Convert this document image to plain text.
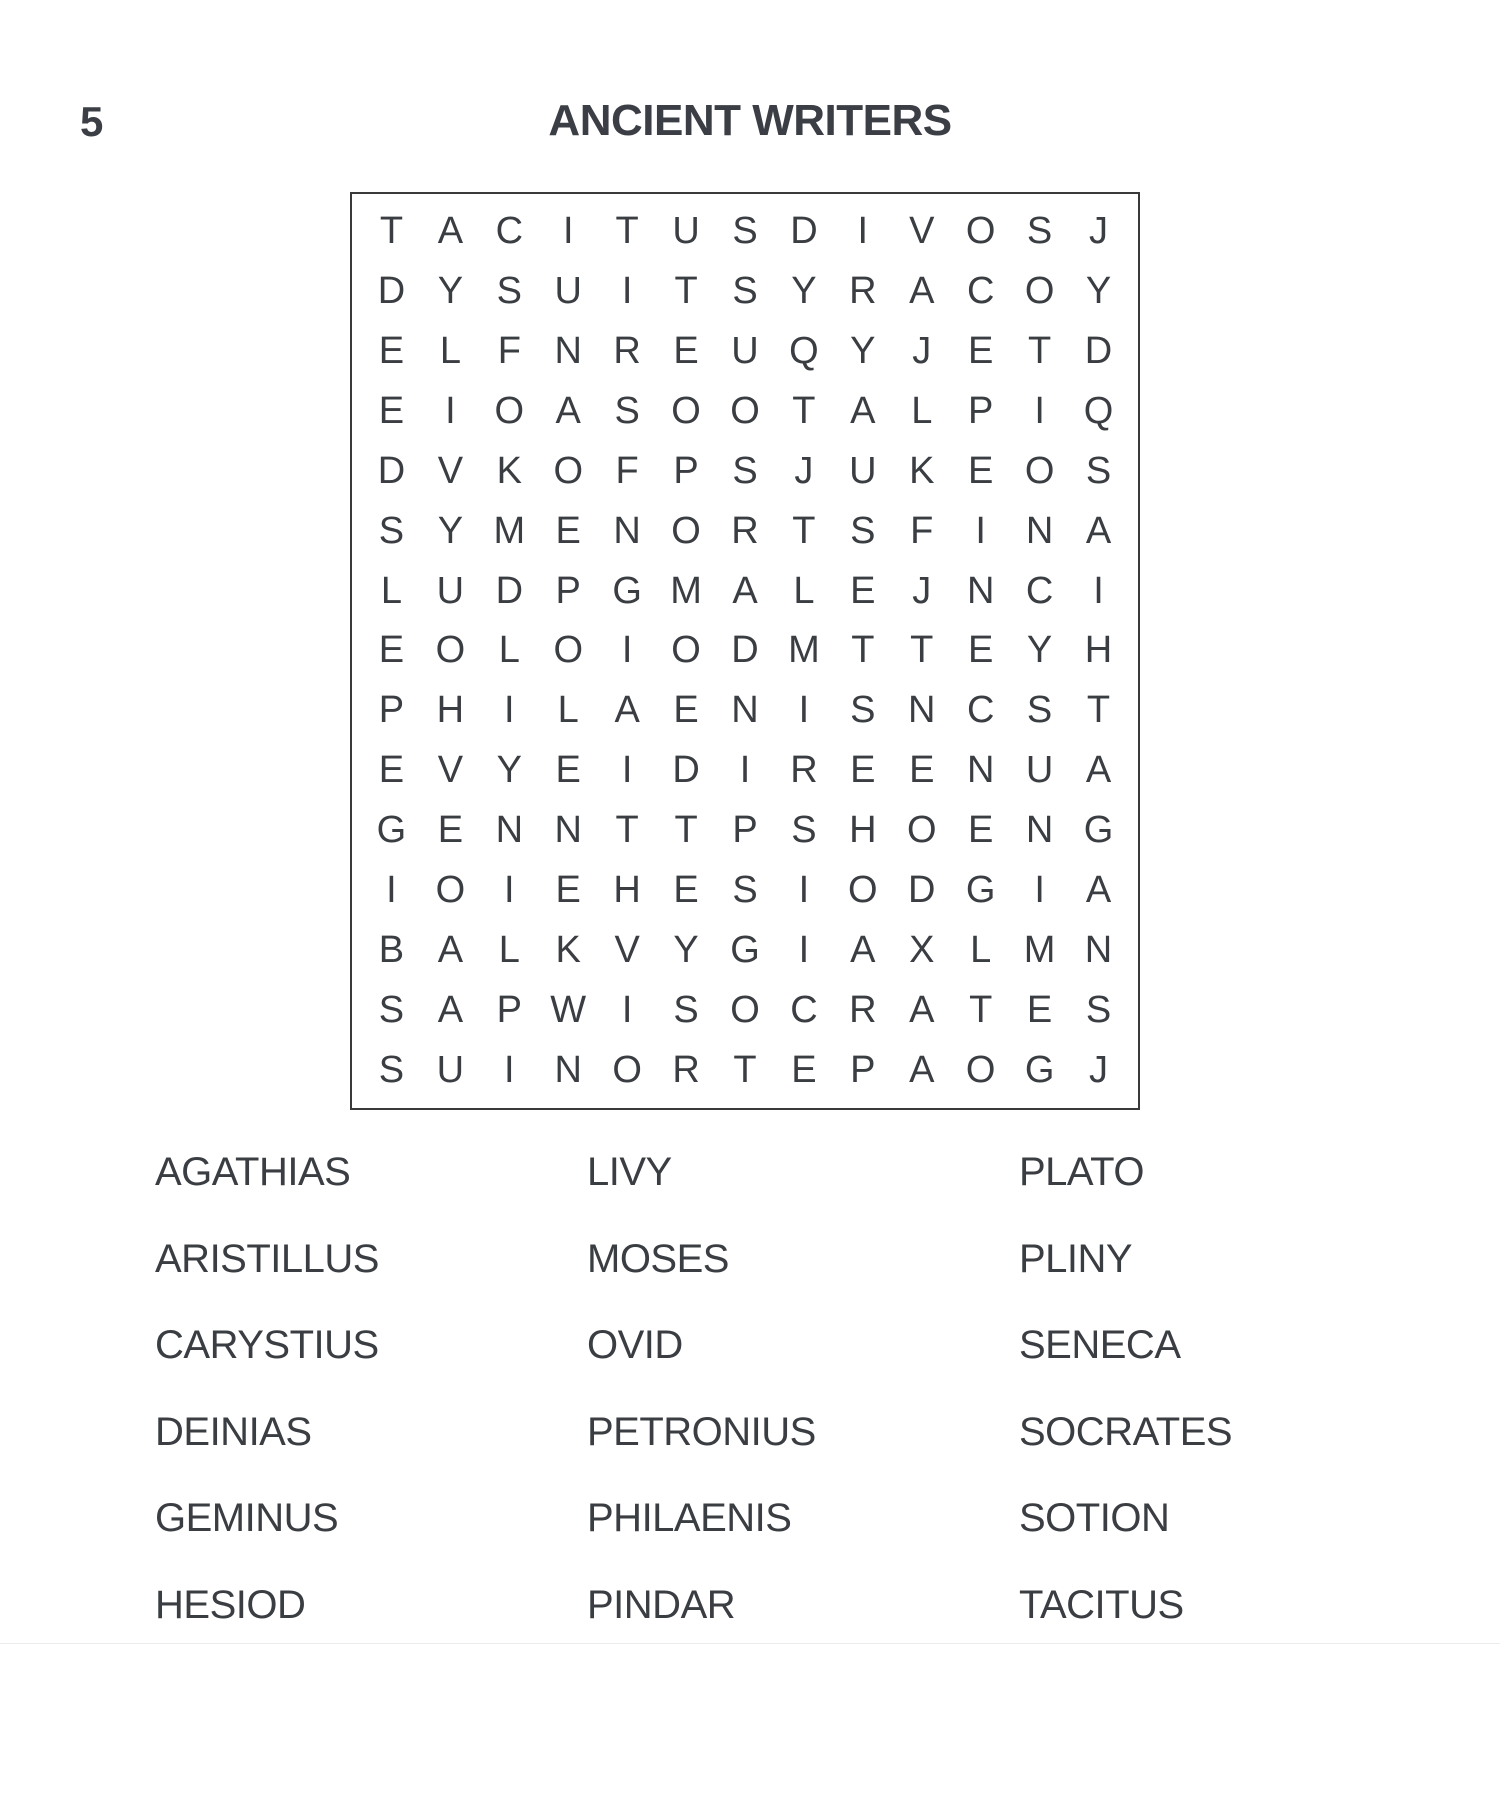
5	ANCIENT WRITERS
T A C	I	T U S D	I	V O S J
D Y S U	I	T S Y R A C O Y
E L F N R E U Q Y J E T D
E	I	O A S O O T A L P	I	Q
D V K O F P S J U K E O S
S Y M E N O R T S F	I	N A
L U D P G M A L E J N C	I
E O L O	I	O D M T T E Y H
P H	I	L A E N	I	S N C S T
E V Y E	I	D	I	R E E N U A
G E N N T T P S H O E N G
I	O	I	E H E S	I	O D G	I	A
B A L K V Y G	I	A X L M N
S A P W I	S O C R A T E S
S U	I	N O R T E P A O G J
AGATHIAS	LIVY	PLATO
ARISTILLUS	MOSES	PLINY
CARYSTIUS	OVID	SENECA
DEINIAS	PETRONIUS	SOCRATES
GEMINUS	PHILAENIS	SOTION
HESIOD	PINDAR	TACITUS
